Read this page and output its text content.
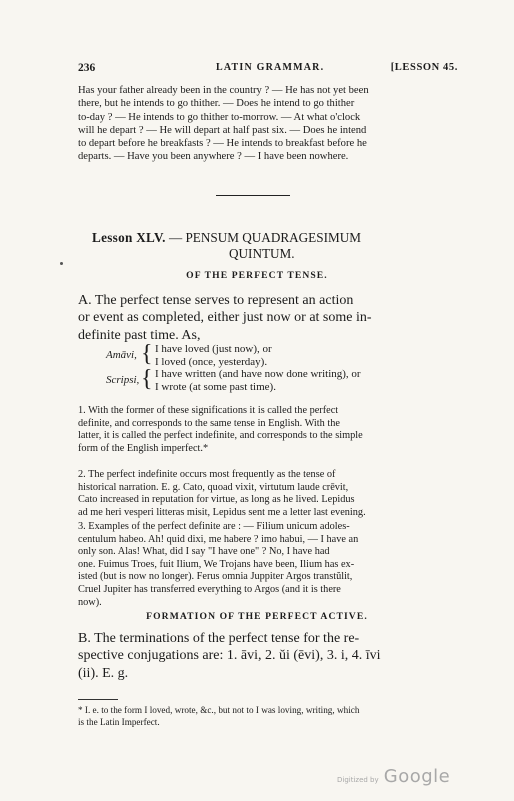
236	LATIN GRAMMAR.	[LESSON 45.
Has your father already been in the country ? — He has not yet been
there, but he intends to go thither. — Does he intend to go thither
to-day ? — He intends to go thither to-morrow. — At what o'clock
will he depart ? — He will depart at half past six. — Does he intend
to depart before he breakfasts ? — He intends to breakfast before he
departs. — Have you been anywhere ? — I have been nowhere.
Lesson XLV. — PENSUM QUADRAGESIMUM
QUINTUM.
OF THE PERFECT TENSE.
A. The perfect tense serves to represent an action
or event as completed, either just now or at some in-
definite past time. As,
Amāvi, { I have loved (just now), or
I loved (once, yesterday).
Scripsi, { I have written (and have now done writing), or
I wrote (at some past time).
1. With the former of these significations it is called the perfect
definite, and corresponds to the same tense in English. With the
latter, it is called the perfect indefinite, and corresponds to the simple
form of the English imperfect.*
2. The perfect indefinite occurs most frequently as the tense of
historical narration. E. g. Cato, quoad vixit, virtutum laude crēvit,
Cato increased in reputation for virtue, as long as he lived. Lepidus
ad me heri vesperi litteras misit, Lepidus sent me a letter last evening.
3. Examples of the perfect definite are : — Filium unicum adoles-
centulum habeo. Ah! quid dixi, me habere ? imo habui, — I have an
only son. Alas! What, did I say "I have one" ? No, I have had
one. Fuimus Troes, fuit Ilium, We Trojans have been, Ilium has ex-
isted (but is now no longer). Ferus omnia Juppiter Argos transtŭlit,
Cruel Jupiter has transferred everything to Argos (and it is there
now).
FORMATION OF THE PERFECT ACTIVE.
B. The terminations of the perfect tense for the re-
spective conjugations are: 1. āvi, 2. ŭi (ēvi), 3. i, 4. īvi
(ii). E. g.
* I. e. to the form I loved, wrote, &c., but not to I was loving, writing, which
is the Latin Imperfect.
Digitized by Google
